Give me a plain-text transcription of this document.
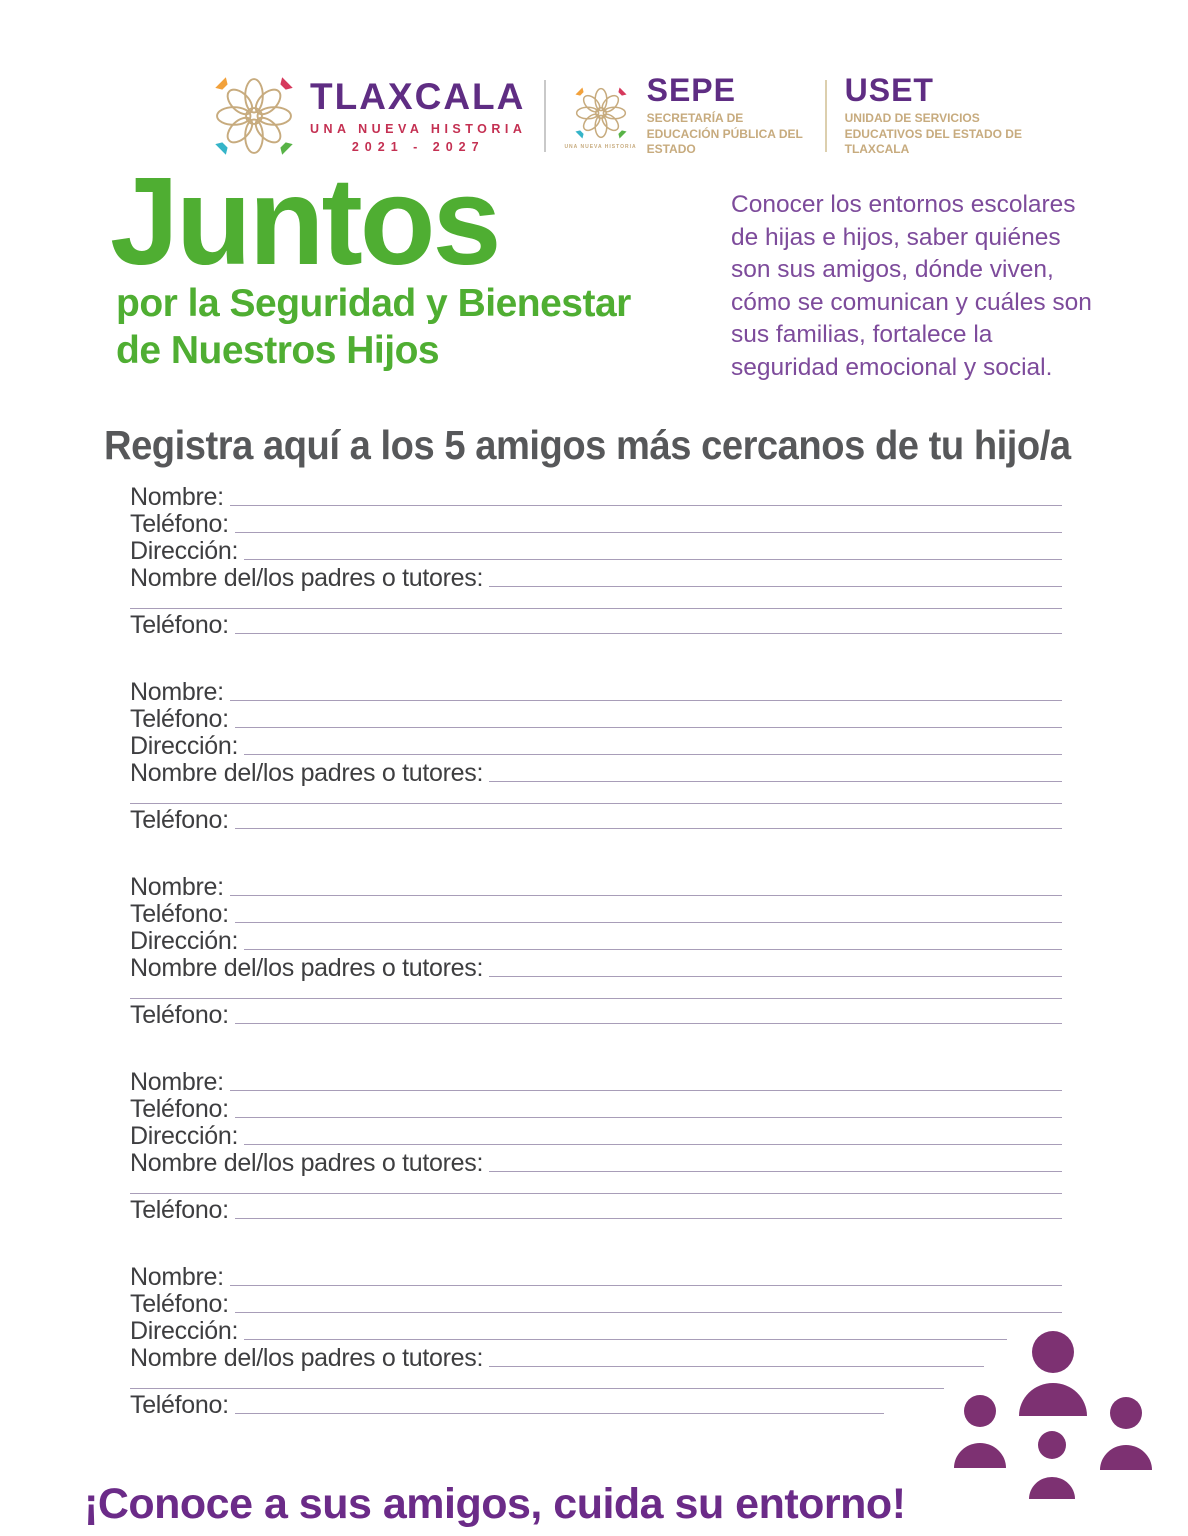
TLAXCALA
UNA NUEVA HISTORIA
2021 - 2027	UNA NUEVA HISTORIA
SEPE
SECRETARÍA DE EDUCACIÓN PÚBLICA DEL ESTADO
USET
UNIDAD DE SERVICIOS EDUCATIVOS DEL ESTADO DE TLAXCALA
Juntos
por la Seguridad y Bienestar
de Nuestros Hijos
Conocer los entornos escolares de hijas e hijos, saber quiénes son sus amigos, dónde viven, cómo se comunican y cuáles son sus familias, fortalece la seguridad emocional y social.
Registra aquí a los 5 amigos más cercanos de tu hijo/a
Nombre:
Teléfono:
Dirección:
Nombre del/los padres o tutores:
Teléfono:
Nombre:
Teléfono:
Dirección:
Nombre del/los padres o tutores:
Teléfono:
Nombre:
Teléfono:
Dirección:
Nombre del/los padres o tutores:
Teléfono:
Nombre:
Teléfono:
Dirección:
Nombre del/los padres o tutores:
Teléfono:
Nombre:
Teléfono:
Dirección:
Nombre del/los padres o tutores:
Teléfono:
¡Conoce a sus amigos, cuida su entorno!
